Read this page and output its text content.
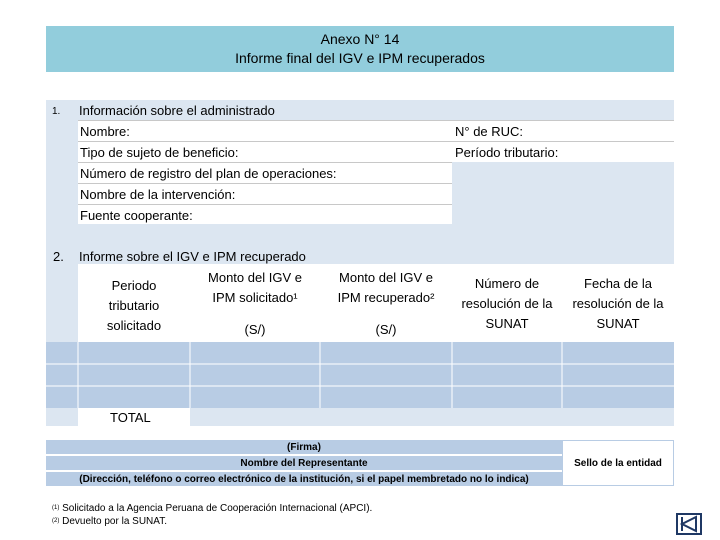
Anexo N° 14
Informe final del IGV e IPM recuperados
1. Información sobre el administrado
Nombre:
Tipo de sujeto de beneficio:
Número de registro del plan de operaciones:
Nombre de la intervención:
Fuente cooperante:
N° de RUC:
Período tributario:
2. Informe sobre el IGV e IPM recuperado
Periodo
tributario
solicitado
Monto del IGV e
IPM solicitado¹
(S/)
Monto del IGV e
IPM recuperado²
(S/)
Número de
resolución de la
SUNAT
Fecha de la
resolución de la
SUNAT
TOTAL
(Firma)
Nombre del Representante
(Dirección, teléfono o correo electrónico de la institución, si el papel membretado no lo indica)
Sello de la entidad
$^{(1)}$ Solicitado a la Agencia Peruana de Cooperación Internacional (APCI).
$^{(2)}$ Devuelto por la SUNAT.
